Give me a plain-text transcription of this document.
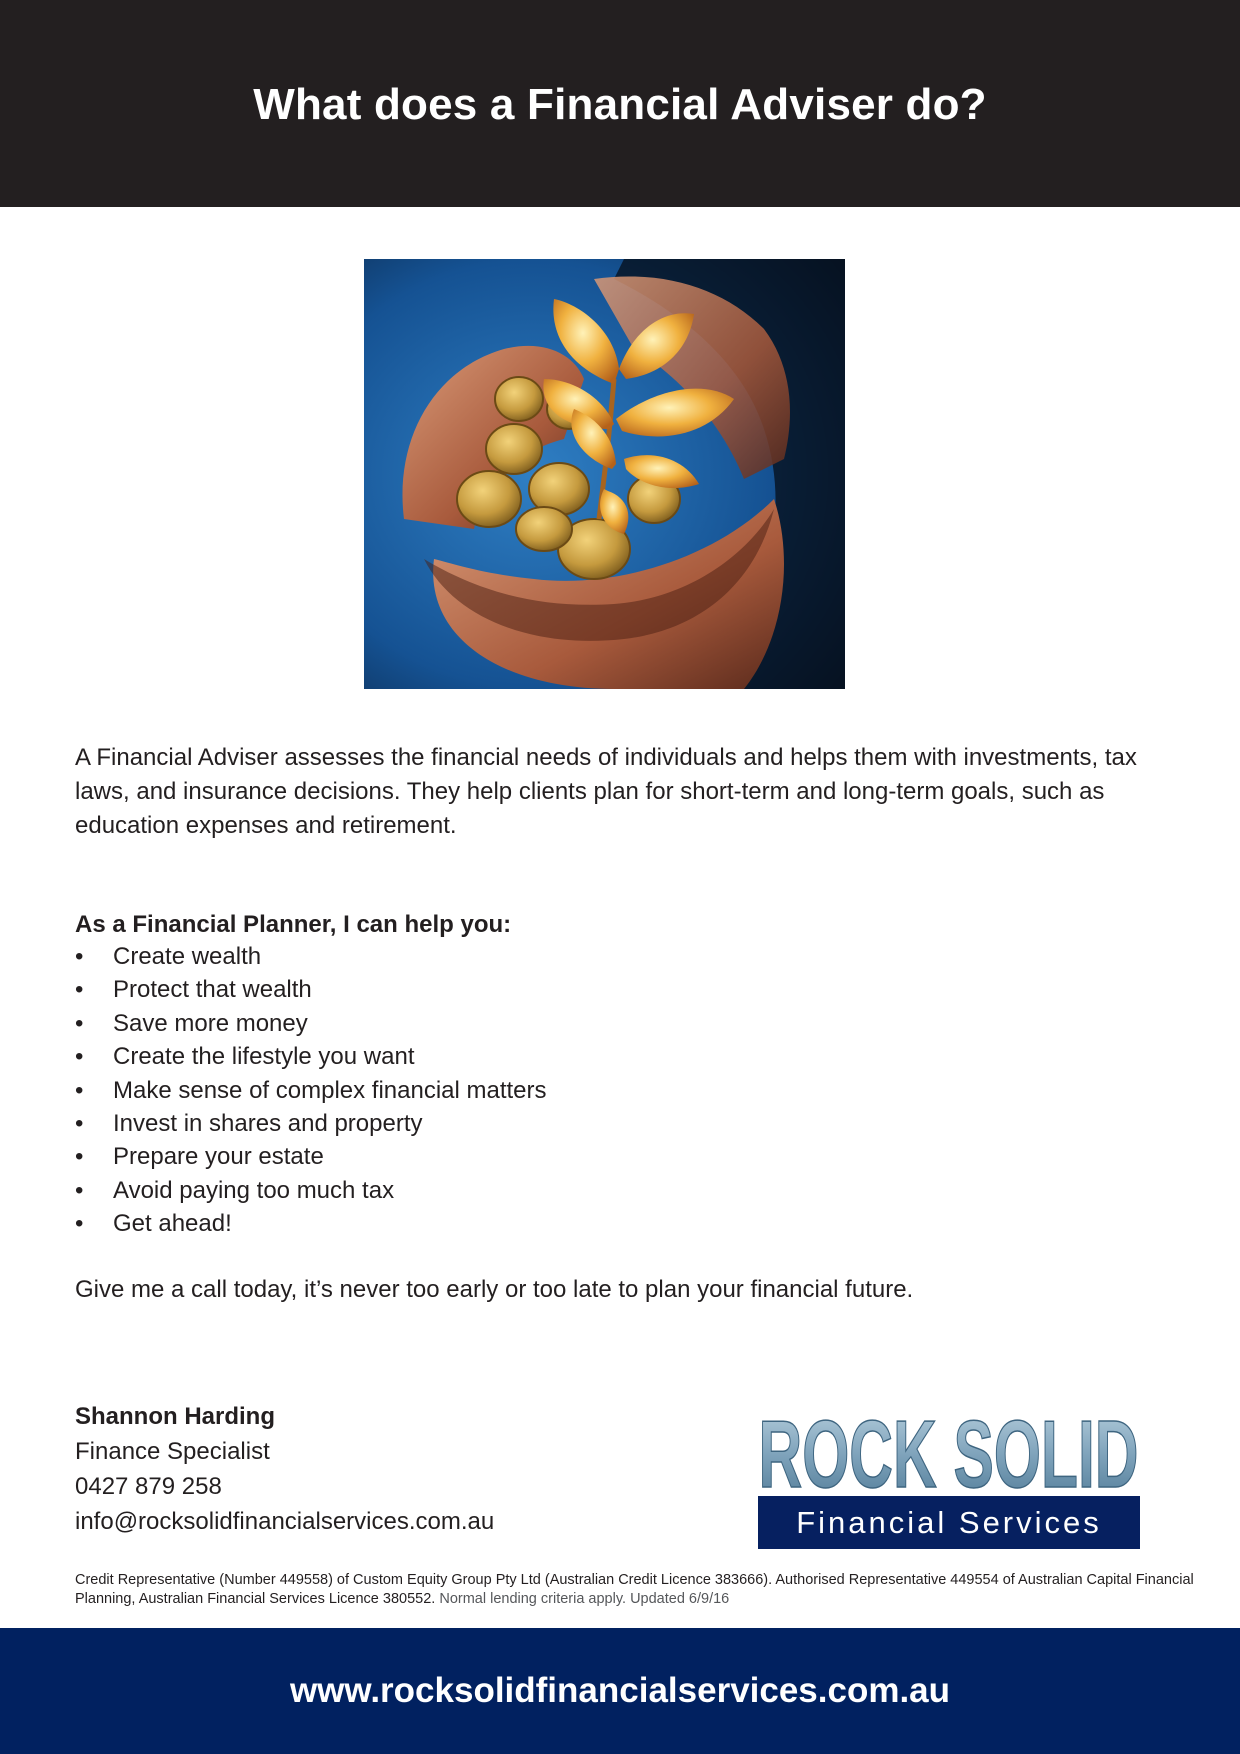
What does a Financial Adviser do?

A Financial Adviser assesses the financial needs of individuals and helps them with investments, tax laws, and insurance decisions. They help clients plan for short-term and long-term goals, such as education expenses and retirement.

As a Financial Planner, I can help you:
• Create wealth
• Protect that wealth
• Save more money
• Create the lifestyle you want
• Make sense of complex financial matters
• Invest in shares and property
• Prepare your estate
• Avoid paying too much tax
• Get ahead!

Give me a call today, it’s never too early or too late to plan your financial future.

Shannon Harding
Finance Specialist
0427 879 258
info@rocksolidfinancialservices.com.au
ROCK SOLID
Financial Services
Credit Representative (Number 449558) of Custom Equity Group Pty Ltd (Australian Credit Licence 383666). Authorised Representative 449554 of Australian Capital Financial Planning, Australian Financial Services Licence 380552. Normal lending criteria apply. Updated 6/9/16
www.rocksolidfinancialservices.com.au
